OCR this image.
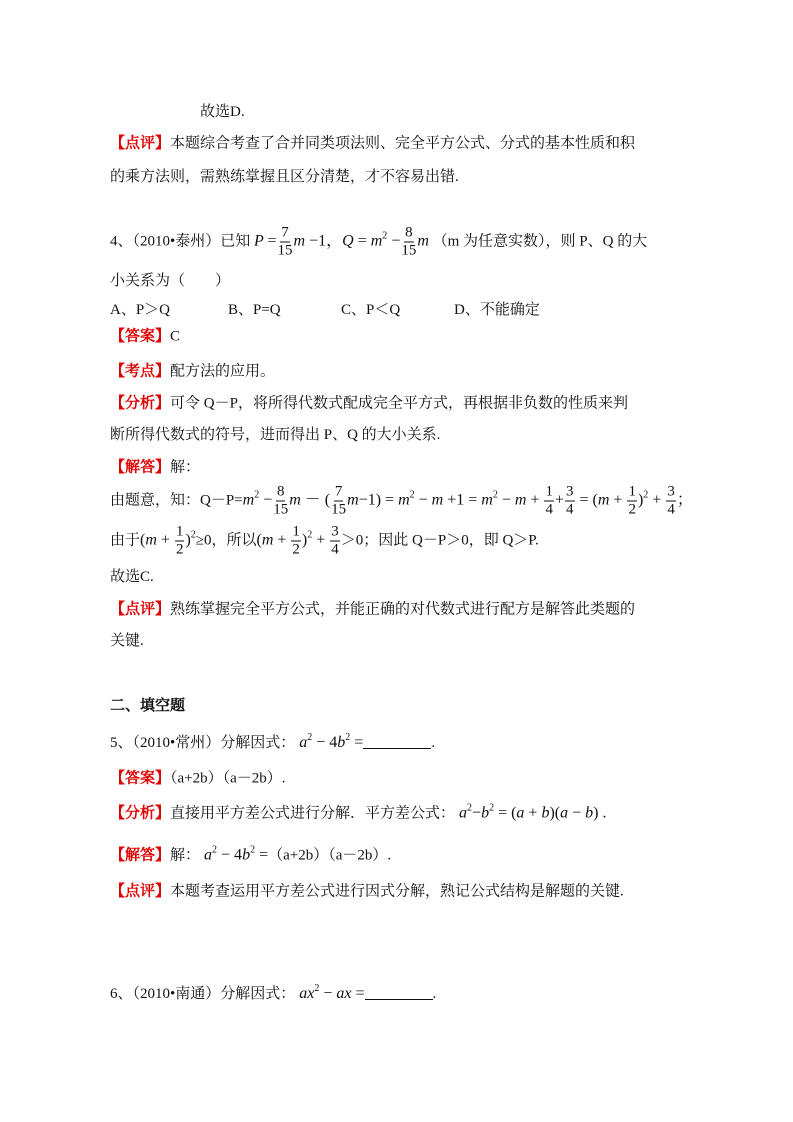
故选D.
【点评】本题综合考查了合并同类项法则、完全平方公式、分式的基本性质和积
的乘方法则，需熟练掌握且区分清楚，才不容易出错.
4、（2010•泰州）已知 $P = \frac{7}{15}$ m −1，$Q = m^2 - \frac{8}{15}$ m （m 为任意实数），则 P、Q 的大
小关系为（　　）
A、P＞Q	B、P=Q	C、P＜Q	D、不能确定
【答案】C
【考点】配方法的应用。
【分析】可令 Q－P，将所得代数式配成完全平方式，再根据非负数的性质来判
断所得代数式的符号，进而得出 P、Q 的大小关系.
【解答】解：
由题意，知：$Q-P=m^2 - \frac{8}{15}$ m － ( $\frac{7}{15} m-1) = m^2 - m +1 = m^2 - m + \frac{1}{4} + \frac{3}{4} = (m + \frac{1}{2} )^2 + \frac{3}{4}$ ；
由于$(m + \frac{1}{2} )^2\ge 0$，所以$(m + \frac{1}{2} )^2 + \frac{3}{4} >0$；因此 Q－P＞0，即 Q＞P.
故选C.
【点评】熟练掌握完全平方公式，并能正确的对代数式进行配方是解答此类题的
关键.
二、填空题
5、（2010•常州）分解因式： $a^2 - 4b^2$ =	.
【答案】（a+2b）（a－2b）.
【分析】直接用平方差公式进行分解．平方差公式： $a^2-b^2 = (a + b)(a - b)$ .
【解答】解： $a^2 - 4b^2 =(a+2b)(a-2b)$.
【点评】本题考查运用平方差公式进行因式分解，熟记公式结构是解题的关键.
6、（2010•南通）分解因式： $ax^2$ − ax =	.
